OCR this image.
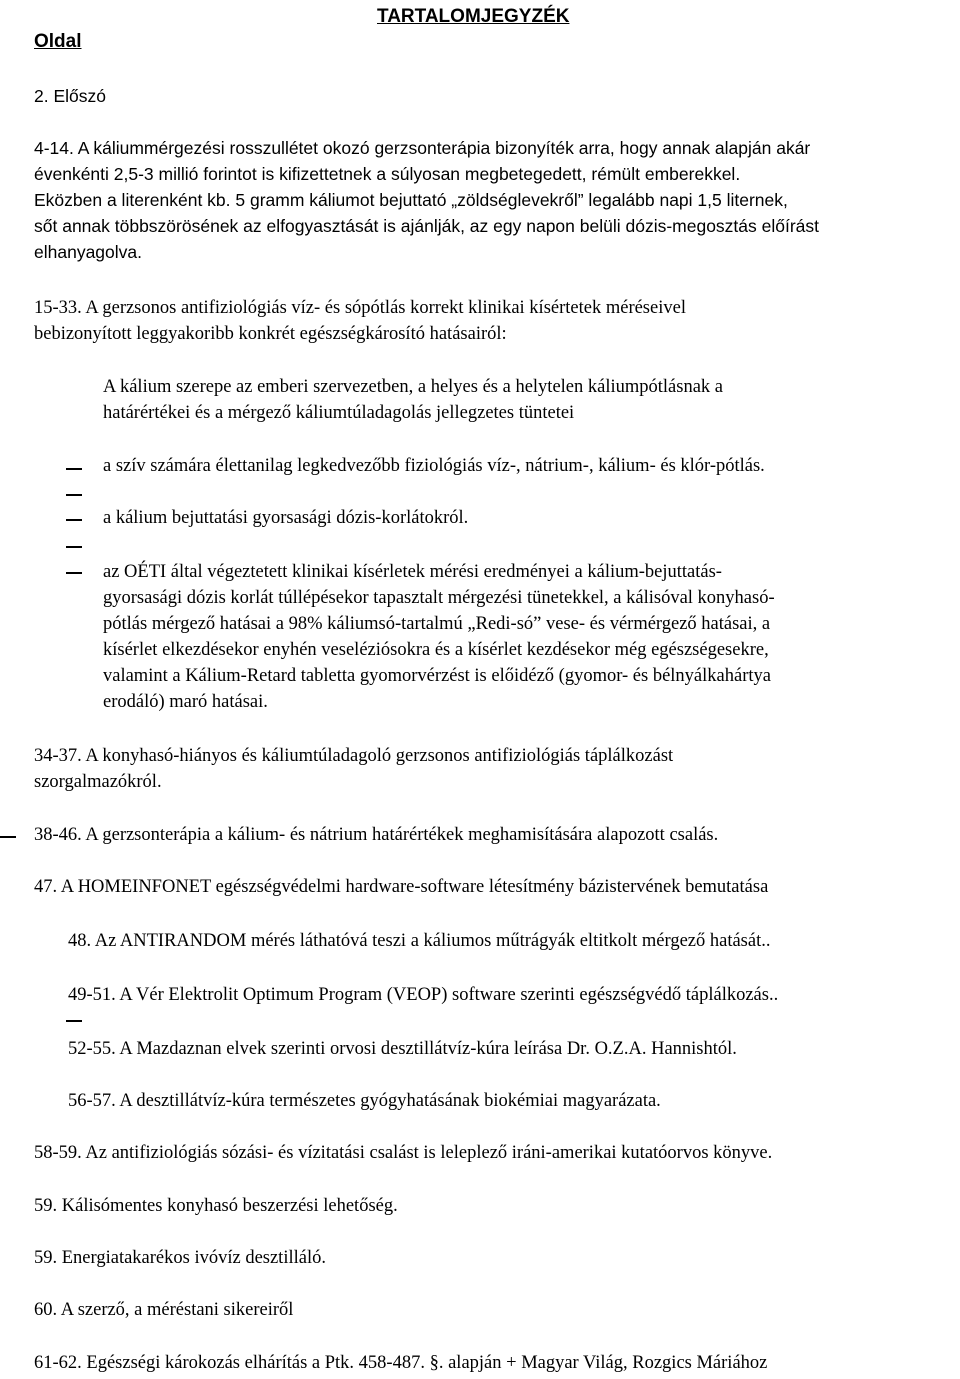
TARTALOMJEGYZÉK
Oldal
2. Előszó
4-14. A káliummérgezési rosszullétet okozó gerzsonterápia bizonyíték arra, hogy annak alapján akár
évenkénti 2,5-3 millió forintot is kifizettetnek a súlyosan megbetegedett, rémült emberekkel.
Eközben a literenként kb. 5 gramm káliumot bejuttató „zöldséglevekről” legalább napi 1,5 liternek,
sőt annak többszörösének az elfogyasztását is ajánlják, az egy napon belüli dózis-megosztás előírást
elhanyagolva.
15-33. A gerzsonos antifiziológiás víz- és sópótlás korrekt klinikai kísértetek méréseivel
bebizonyított leggyakoribb konkrét egészségkárosító hatásairól:
A kálium szerepe az emberi szervezetben, a helyes és a helytelen káliumpótlásnak a
határértékei és a mérgező káliumtúladagolás jellegzetes tüntetei
a szív számára élettanilag legkedvezőbb fiziológiás víz-, nátrium-, kálium- és klór-pótlás.
a kálium bejuttatási gyorsasági dózis-korlátokról.
az OÉTI által végeztetett klinikai kísérletek mérési eredményei a kálium-bejuttatás-
gyorsasági dózis korlát túllépésekor tapasztalt mérgezési tünetekkel, a kálisóval konyhasó-
pótlás mérgező hatásai a 98% káliumsó-tartalmú „Redi-só” vese- és vérmérgező hatásai, a
kísérlet elkezdésekor enyhén veseléziósokra és a kísérlet kezdésekor még egészségesekre,
valamint a Kálium-Retard tabletta gyomorvérzést is előidéző (gyomor- és bélnyálkahártya
erodáló) maró hatásai.
34-37. A konyhasó-hiányos és káliumtúladagoló gerzsonos antifiziológiás táplálkozást
szorgalmazókról.
38-46. A gerzsonterápia a kálium- és nátrium határértékek meghamisítására alapozott csalás.
47. A HOMEINFONET egészségvédelmi hardware-software létesítmény bázistervének bemutatása
48. Az ANTIRANDOM mérés láthatóvá teszi a káliumos műtrágyák eltitkolt mérgező hatását..
49-51. A Vér Elektrolit Optimum Program (VEOP) software szerinti egészségvédő táplálkozás..
52-55. A Mazdaznan elvek szerinti orvosi desztillátvíz-kúra leírása Dr. O.Z.A. Hannishtól.
56-57. A desztillátvíz-kúra természetes gyógyhatásának biokémiai magyarázata.
58-59. Az antifiziológiás sózási- és vízitatási csalást is leleplező iráni-amerikai kutatóorvos könyve.
59. Kálisómentes konyhasó beszerzési lehetőség.
59. Energiatakarékos ivóvíz desztilláló.
60. A szerző, a méréstani sikereiről
61-62. Egészségi károkozás elhárítás a Ptk. 458-487. §. alapján + Magyar Világ, Rozgics Máriához
